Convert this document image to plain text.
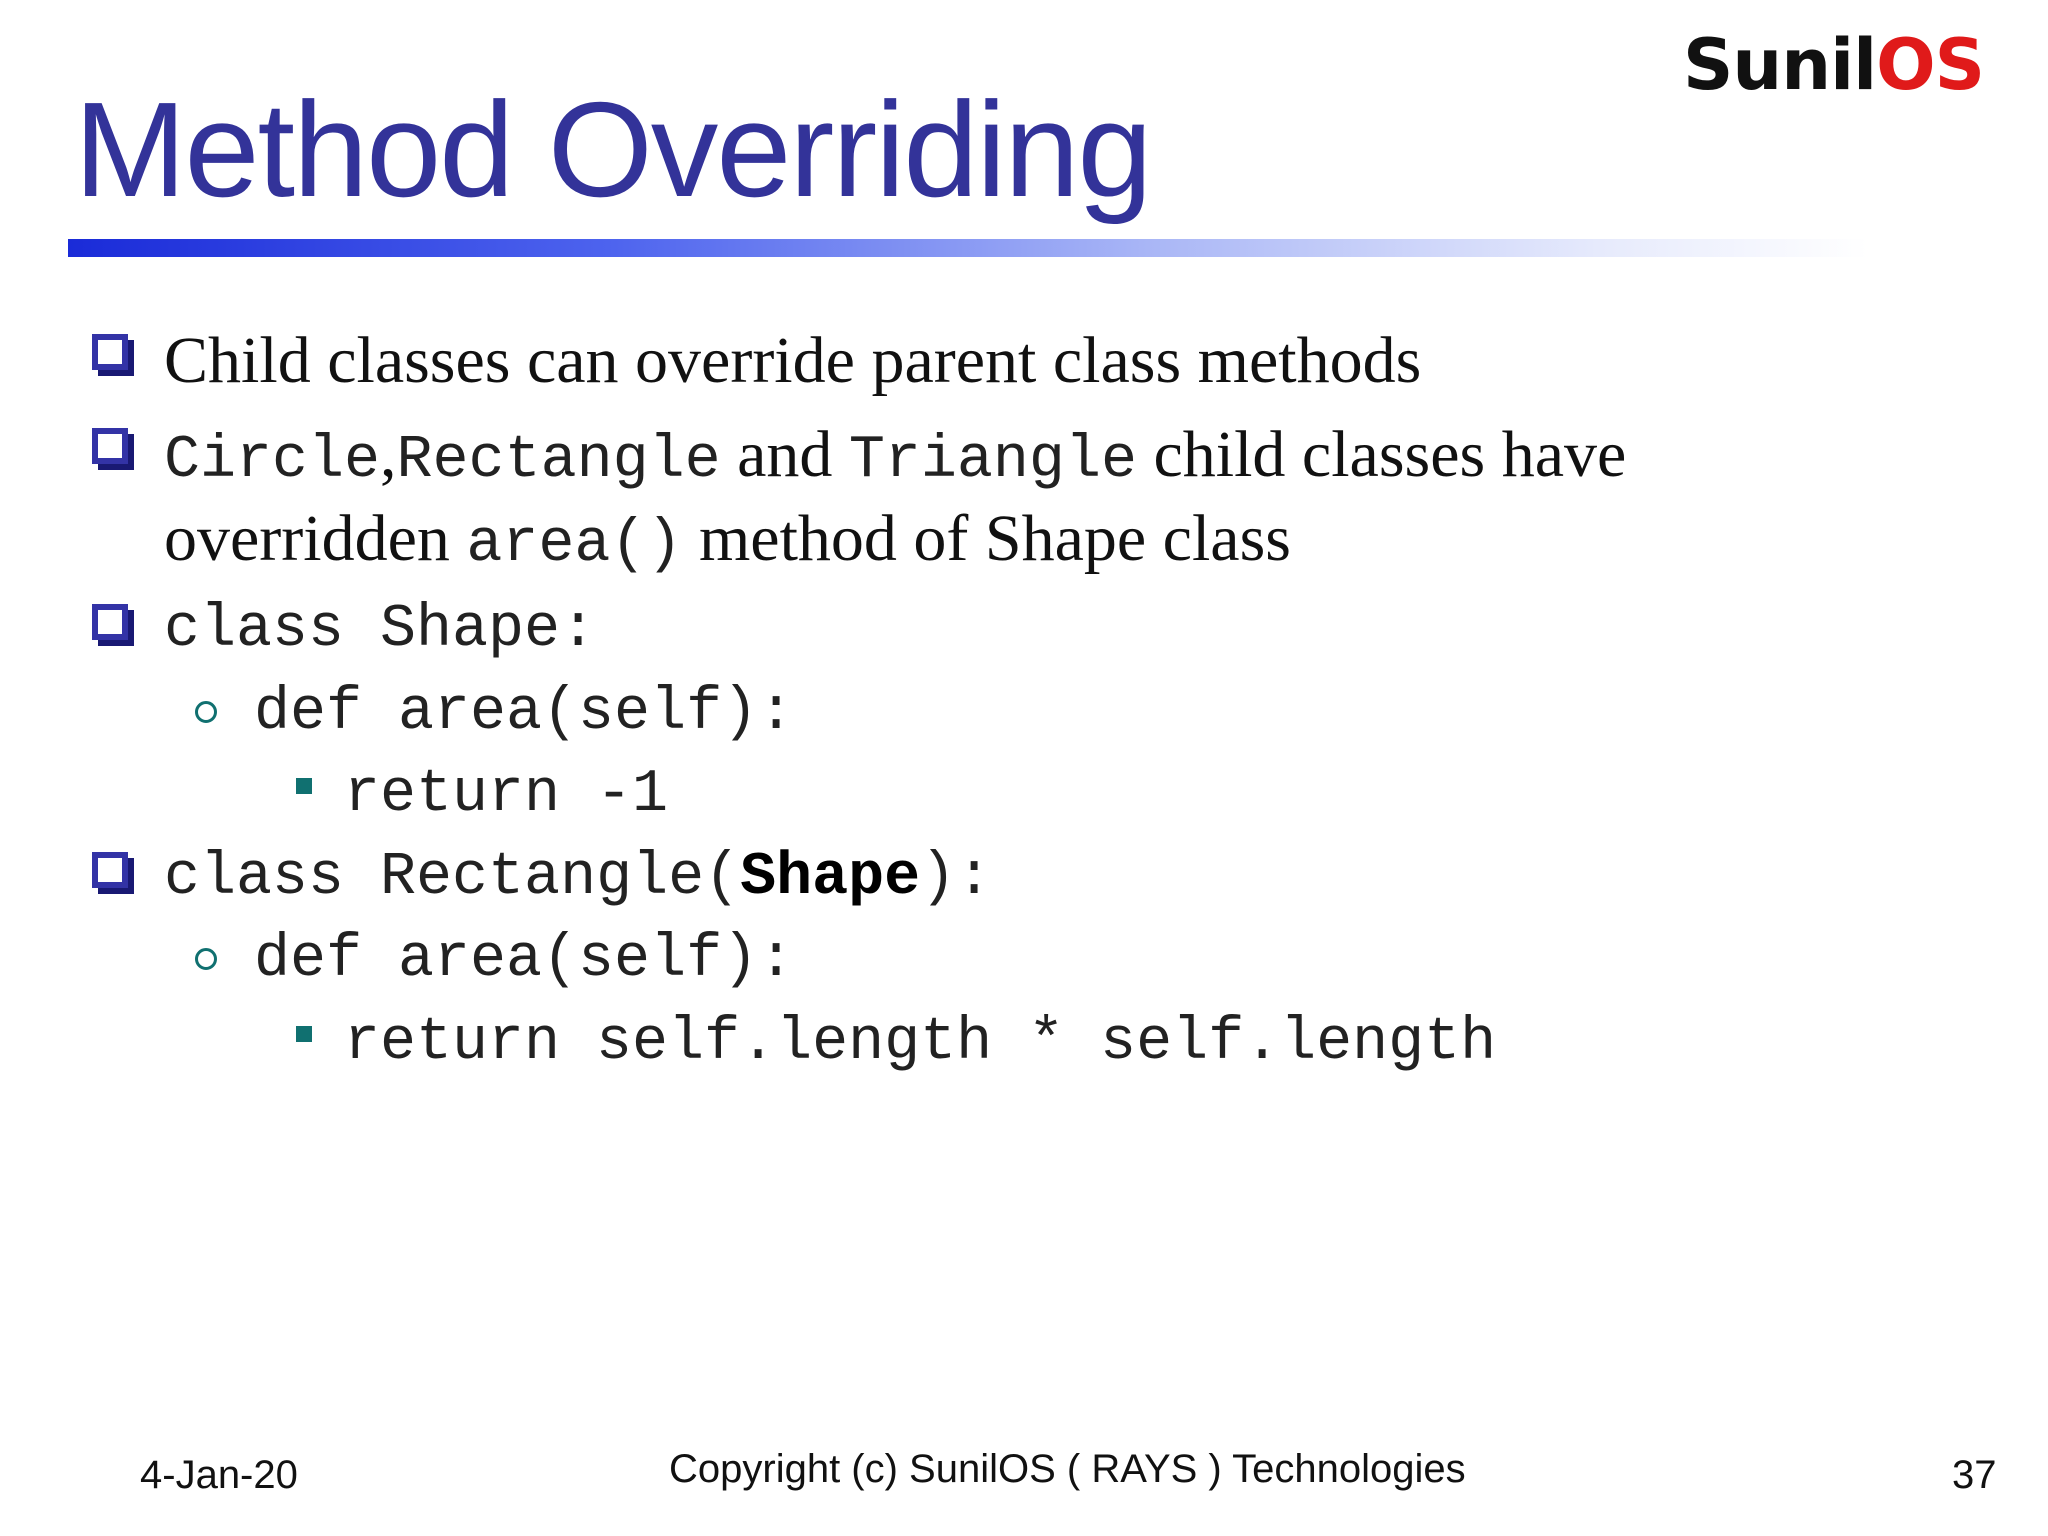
SunilOS
Method Overriding
Child classes can override parent class methods
Circle,Rectangle and Triangle child classes have
overridden area() method of Shape class
class Shape:
def area(self):
return -1
class Rectangle(Shape):
def area(self):
return self.length * self.length
4-Jan-20	Copyright (c) SunilOS ( RAYS ) Technologies	37
